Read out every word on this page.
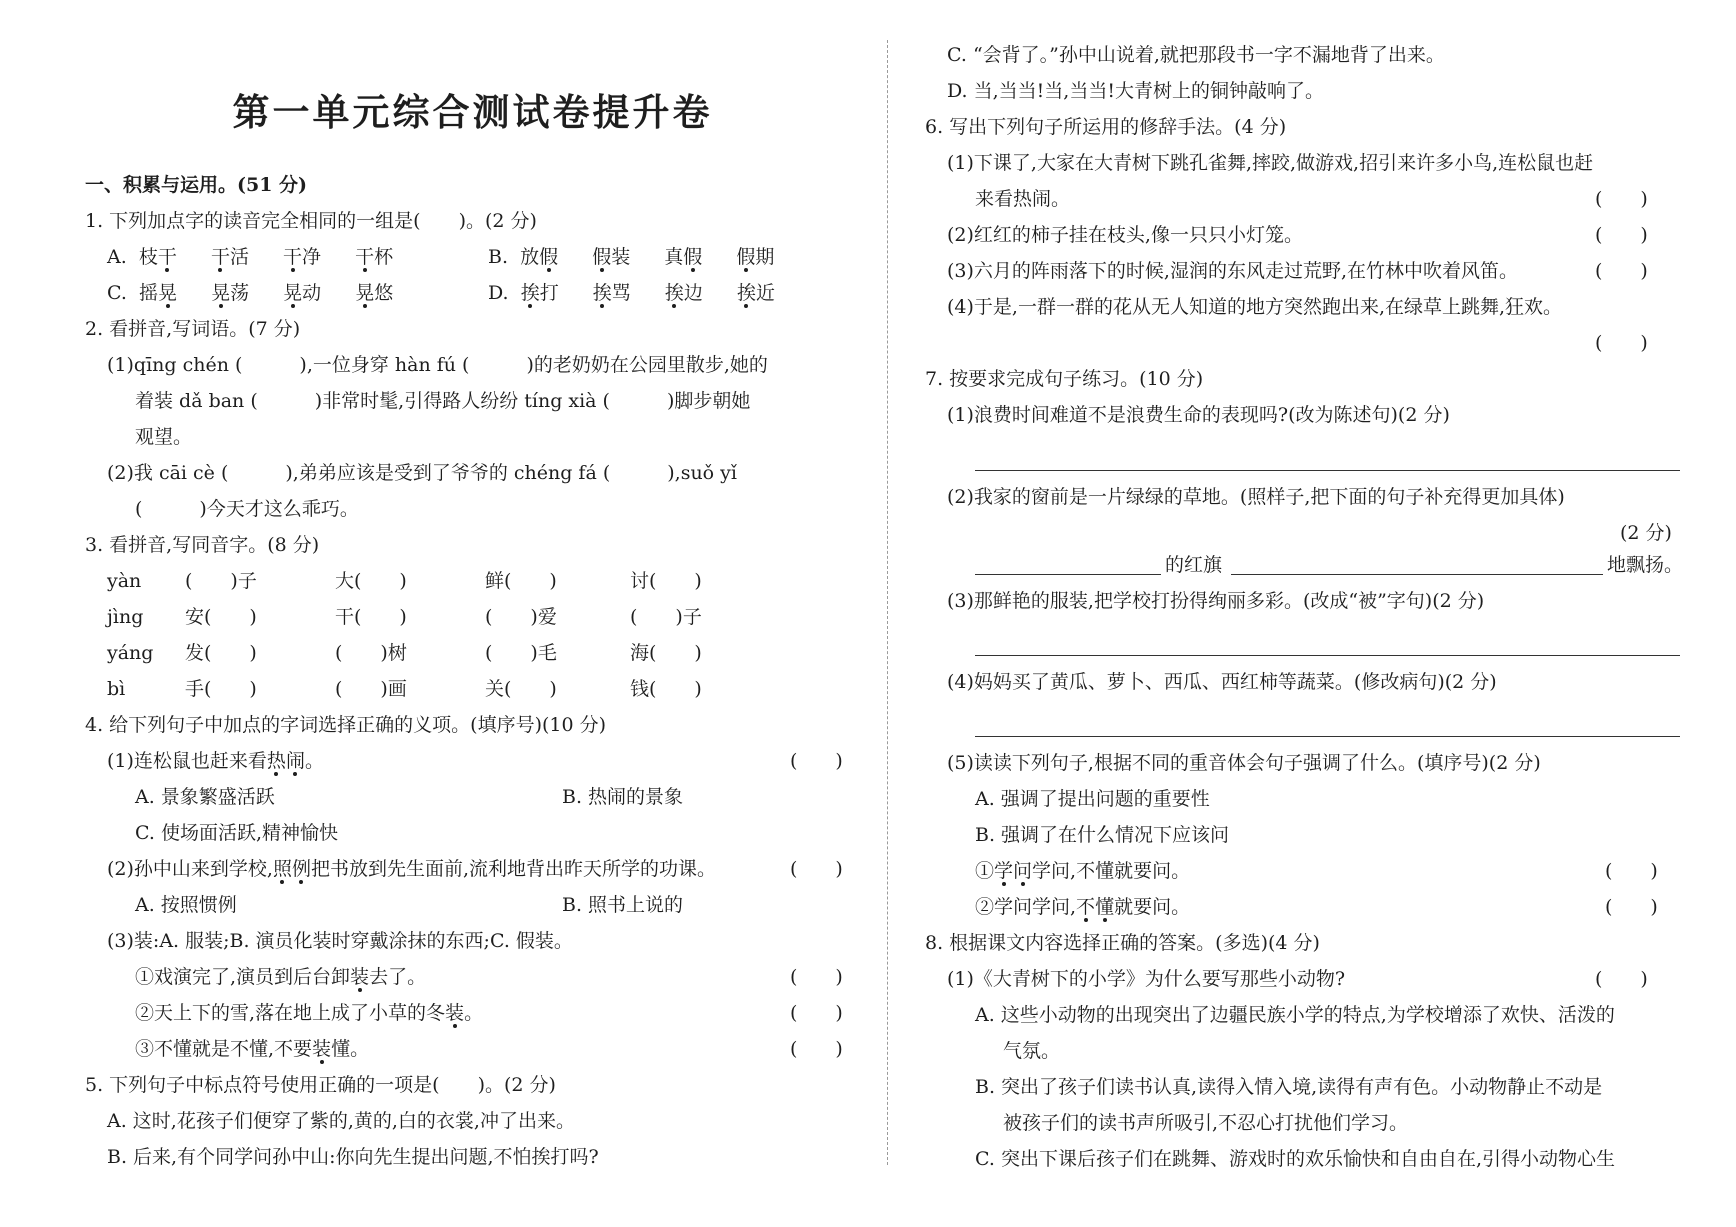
第一单元综合测试卷提升卷
一、积累与运用。(51 分)
1. 下列加点字的读音完全相同的一组是(　　)。(2 分)
A. 枝干 干活 干净 干杯	B. 放假 假装 真假 假期
C. 摇晃 晃荡 晃动 晃悠	D. 挨打 挨骂 挨边 挨近
2. 看拼音,写词语。(7 分)
(1)qīng chén (　　　),一位身穿 hàn fú (　　　)的老奶奶在公园里散步,她的
着装 dǎ ban (　　　)非常时髦,引得路人纷纷 tíng xià (　　　)脚步朝她
观望。
(2)我 cāi cè (　　　),弟弟应该是受到了爷爷的 chéng fá (　　　),suǒ yǐ
(　　　)今天才这么乖巧。
3. 看拼音,写同音字。(8 分)
yàn (　　)子	大(　　)	鲜(　　)	讨(　　)
jìng 安(　　)	干(　　)	(　　)爱	(　　)子
yáng 发(　　)	(　　)树	(　　)毛	海(　　)
bì	手(　　)	(　　)画	关(　　)	钱(　　)
4. 给下列句子中加点的字词选择正确的义项。(填序号)(10 分)
(1)连松鼠也赶来看热闹。	(　　)
A. 景象繁盛活跃	B. 热闹的景象
C. 使场面活跃,精神愉快
(2)孙中山来到学校,照例把书放到先生面前,流利地背出昨天所学的功课。	(　　)
A. 按照惯例	B. 照书上说的
(3)装:A. 服装;B. 演员化装时穿戴涂抹的东西;C. 假装。
①戏演完了,演员到后台卸装去了。	(　　)
②天上下的雪,落在地上成了小草的冬装。	(　　)
③不懂就是不懂,不要装懂。	(　　)
5. 下列句子中标点符号使用正确的一项是(　　)。(2 分)
A. 这时,花孩子们便穿了紫的,黄的,白的衣裳,冲了出来。
B. 后来,有个同学问孙中山:你向先生提出问题,不怕挨打吗?
C. “会背了。”孙中山说着,就把那段书一字不漏地背了出来。
D. 当,当当!当,当当!大青树上的铜钟敲响了。
6. 写出下列句子所运用的修辞手法。(4 分)
(1)下课了,大家在大青树下跳孔雀舞,摔跤,做游戏,招引来许多小鸟,连松鼠也赶
来看热闹。	(　　)
(2)红红的柿子挂在枝头,像一只只小灯笼。	(　　)
(3)六月的阵雨落下的时候,湿润的东风走过荒野,在竹林中吹着风笛。	(　　)
(4)于是,一群一群的花从无人知道的地方突然跑出来,在绿草上跳舞,狂欢。
(　　)
7. 按要求完成句子练习。(10 分)
(1)浪费时间难道不是浪费生命的表现吗?(改为陈述句)(2 分)
(2)我家的窗前是一片绿绿的草地。(照样子,把下面的句子补充得更加具体)
(2 分)
的红旗	地飘扬。
(3)那鲜艳的服装,把学校打扮得绚丽多彩。(改成“被”字句)(2 分)
(4)妈妈买了黄瓜、萝卜、西瓜、西红柿等蔬菜。(修改病句)(2 分)
(5)读读下列句子,根据不同的重音体会句子强调了什么。(填序号)(2 分)
A. 强调了提出问题的重要性
B. 强调了在什么情况下应该问
①学问学问,不懂就要问。	(　　)
②学问学问,不懂就要问。	(　　)
8. 根据课文内容选择正确的答案。(多选)(4 分)
(1)《大青树下的小学》为什么要写那些小动物?	(　　)
A. 这些小动物的出现突出了边疆民族小学的特点,为学校增添了欢快、活泼的
气氛。
B. 突出了孩子们读书认真,读得入情入境,读得有声有色。小动物静止不动是
被孩子们的读书声所吸引,不忍心打扰他们学习。
C. 突出下课后孩子们在跳舞、游戏时的欢乐愉快和自由自在,引得小动物心生
